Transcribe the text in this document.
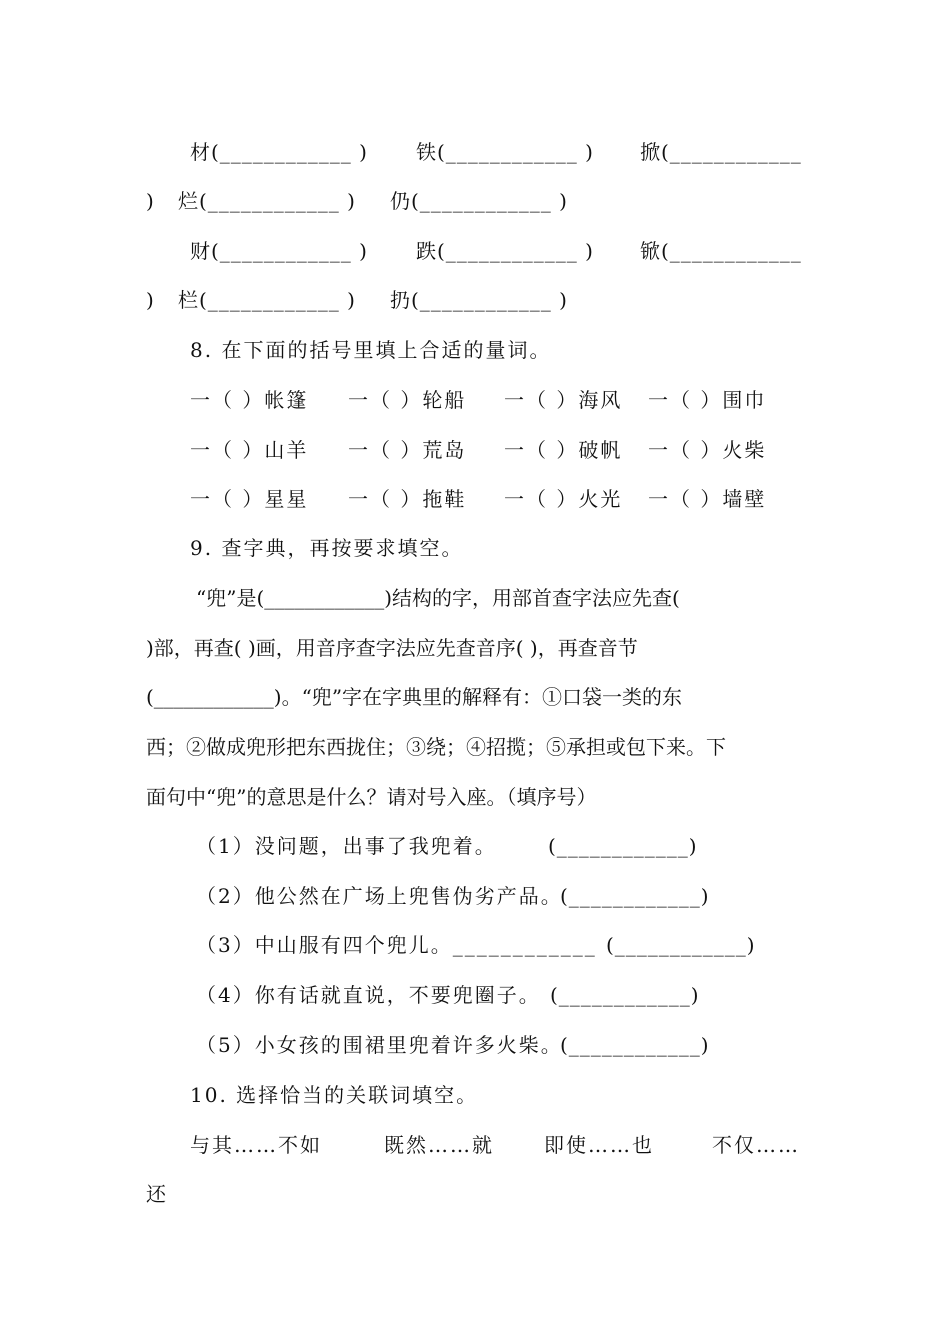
材(____________ ) 铁(____________ ) 掀(____________
) 烂(____________ ) 仍(____________ )
财(____________ ) 跌(____________ ) 锨(____________
) 栏(____________ ) 扔(____________ )
8. 在下面的括号里填上合适的量词。
一（ ）帐篷 一（ ）轮船 一（ ）海风 一（ ）围巾
一（ ）山羊 一（ ）荒岛 一（ ）破帆 一（ ）火柴
一（ ）星星 一（ ）拖鞋 一（ ）火光 一（ ）墙壁
9. 查字典，再按要求填空。
“兜”是(____________)结构的字，用部首查字法应先查(
)部，再查( )画，用音序查字法应先查音序( )，再查音节
(____________)。“兜”字在字典里的解释有：①口袋一类的东
西；②做成兜形把东西拢住；③绕；④招揽；⑤承担或包下来。下
面句中“兜”的意思是什么？请对号入座。（填序号）
（1）没问题，出事了我兜着。	(____________)
（2）他公然在广场上兜售伪劣产品。
(____________)
（3）中山服有四个兜儿。____________ (____________)
（4）你有话就直说，不要兜圈子。 (____________)
（5）小女孩的围裙里兜着许多火柴。
(____________)
10. 选择恰当的关联词填空。
与其……不如	既然……就	即使……也	不仅……
还
